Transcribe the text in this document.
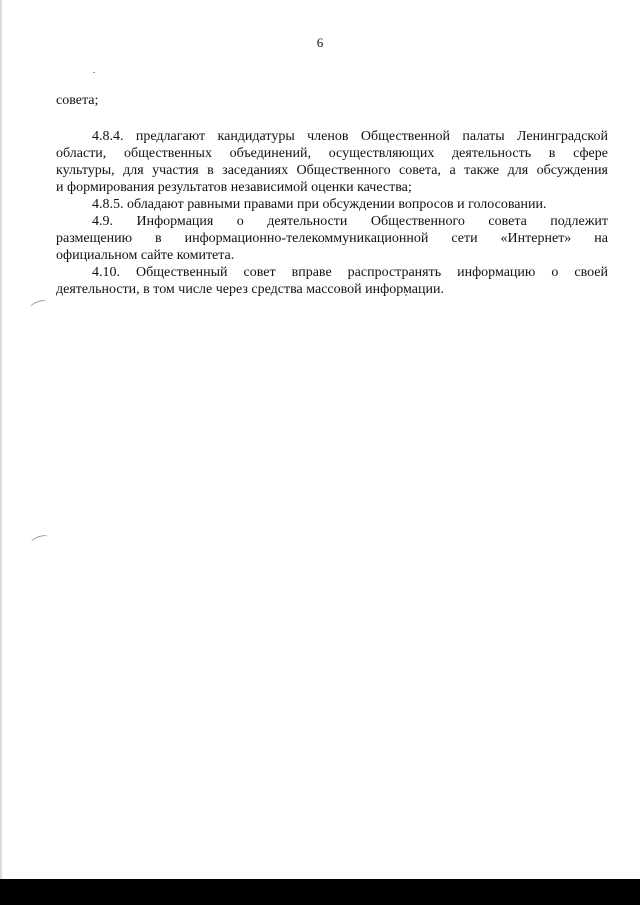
6
совета;
4.8.4. предлагают кандидатуры членов Общественной палаты Ленинградской
области, общественных объединений, осуществляющих деятельность в сфере
культуры, для участия в заседаниях Общественного совета, а также для обсуждения
и формирования результатов независимой оценки качества;
4.8.5. обладают равными правами при обсуждении вопросов и голосовании.
4.9. Информация о деятельности Общественного совета подлежит
размещению в информационно-телекоммуникационной сети «Интернет» на
официальном сайте комитета.
4.10. Общественный совет вправе распространять информацию о своей
деятельности, в том числе через средства массовой информации.
